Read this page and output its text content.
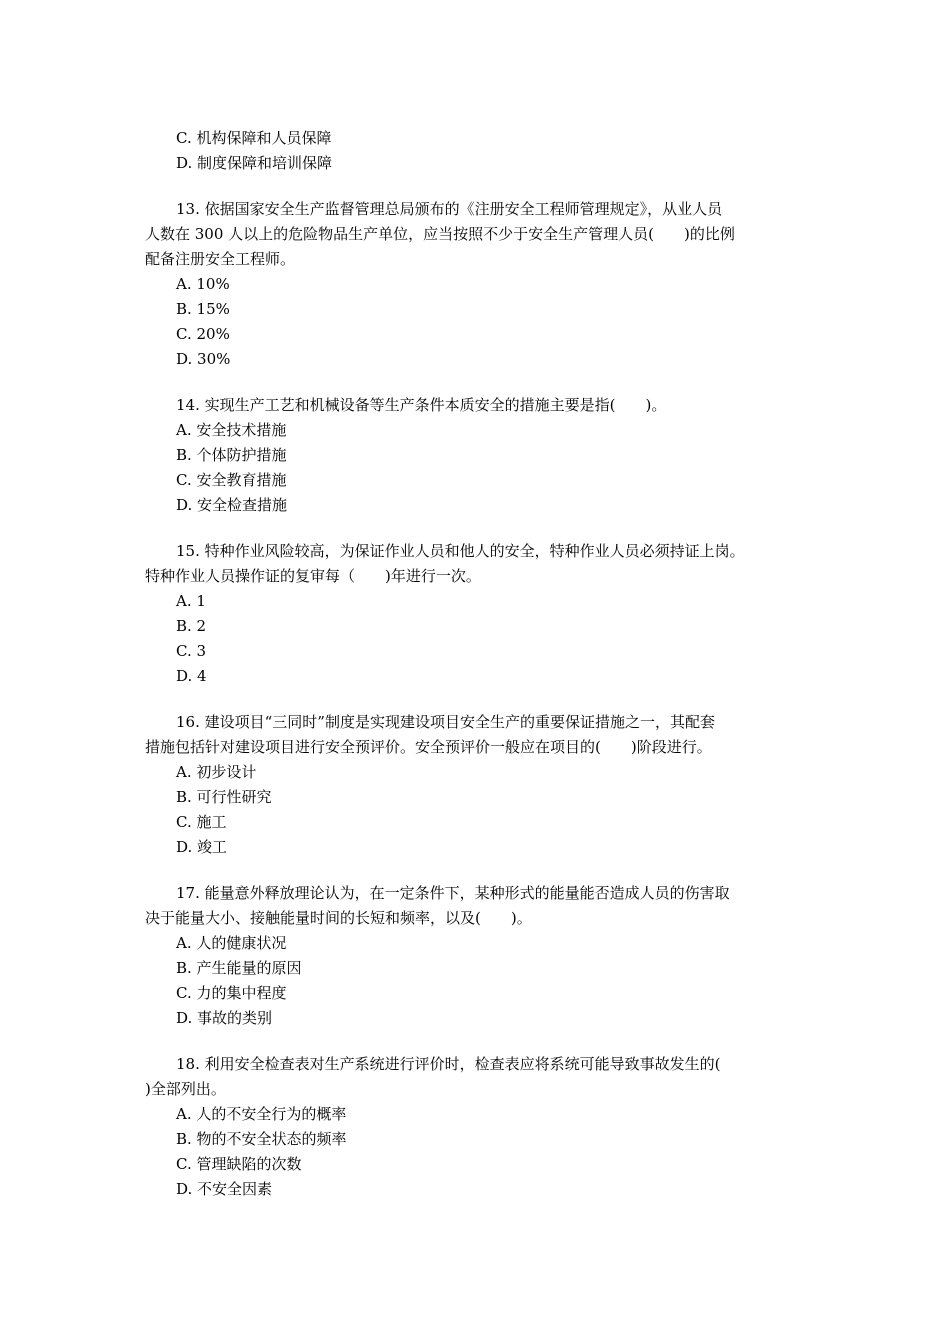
C. 机构保障和人员保障
D. 制度保障和培训保障
13. 依据国家安全生产监督管理总局颁布的《注册安全工程师管理规定》，从业人员
人数在 300 人以上的危险物品生产单位，应当按照不少于安全生产管理人员(　　)的比例
配备注册安全工程师。
A. 10%
B. 15%
C. 20%
D. 30%
14. 实现生产工艺和机械设备等生产条件本质安全的措施主要是指(　　)。
A. 安全技术措施
B. 个体防护措施
C. 安全教育措施
D. 安全检查措施
15. 特种作业风险较高，为保证作业人员和他人的安全，特种作业人员必须持证上岗。
特种作业人员操作证的复审每（　　)年进行一次。
A. 1
B. 2
C. 3
D. 4
16. 建设项目“三同时”制度是实现建设项目安全生产的重要保证措施之一，其配套
措施包括针对建设项目进行安全预评价。安全预评价一般应在项目的(　　)阶段进行。
A. 初步设计
B. 可行性研究
C. 施工
D. 竣工
17. 能量意外释放理论认为，在一定条件下，某种形式的能量能否造成人员的伤害取
决于能量大小、接触能量时间的长短和频率，以及(　　)。
A. 人的健康状况
B. 产生能量的原因
C. 力的集中程度
D. 事故的类别
18. 利用安全检查表对生产系统进行评价时，检查表应将系统可能导致事故发生的(
)全部列出。
A. 人的不安全行为的概率
B. 物的不安全状态的频率
C. 管理缺陷的次数
D. 不安全因素
